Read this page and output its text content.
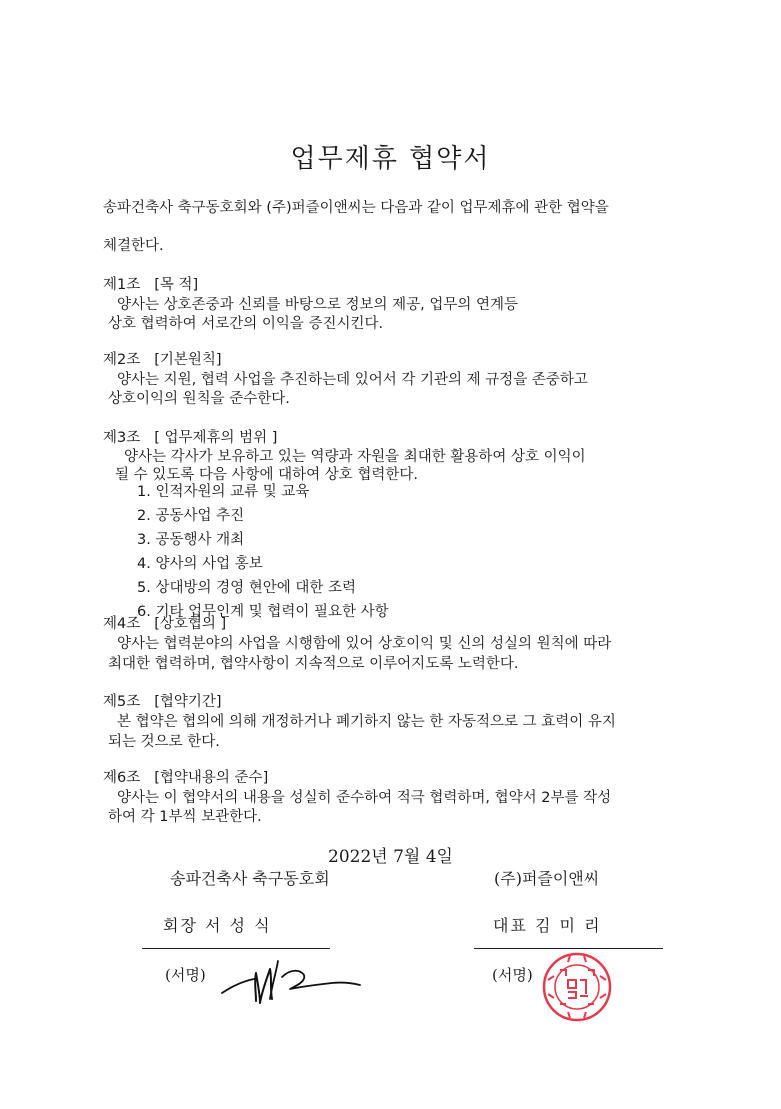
업무제휴 협약서
송파건축사 축구동호회와 (주)퍼즐이앤씨는 다음과 같이 업무제휴에 관한 협약을
체결한다.
제1조 [목 적]
양사는 상호존중과 신뢰를 바탕으로 정보의 제공, 업무의 연계등
상호 협력하여 서로간의 이익을 증진시킨다.
제2조 [기본원칙]
양사는 지원, 협력 사업을 추진하는데 있어서 각 기관의 제 규정을 존중하고
상호이익의 원칙을 준수한다.
제3조 [ 업무제휴의 범위 ]
양사는 각사가 보유하고 있는 역량과 자원을 최대한 활용하여 상호 이익이
될 수 있도록 다음 사항에 대하여 상호 협력한다.
1. 인적자원의 교류 및 교육
2. 공동사업 추진
3. 공동행사 개최
4. 양사의 사업 홍보
5. 상대방의 경영 현안에 대한 조력
6. 기타 업무인계 및 협력이 필요한 사항
제4조 [상호협의 ]
양사는 협력분야의 사업을 시행함에 있어 상호이익 및 신의 성실의 원칙에 따라
최대한 협력하며, 협약사항이 지속적으로 이루어지도록 노력한다.
제5조 [협약기간]
본 협약은 협의에 의해 개정하거나 폐기하지 않는 한 자동적으로 그 효력이 유지
되는 것으로 한다.
제6조 [협약내용의 준수]
양사는 이 협약서의 내용을 성실히 준수하여 적극 협력하며, 협약서 2부를 작성
하여 각 1부씩 보관한다.
2022년 7월 4일
송파건축사 축구동호회	(주)퍼즐이앤씨
회장 서 성 식	대표 김 미 리
(서명)	(서명)
